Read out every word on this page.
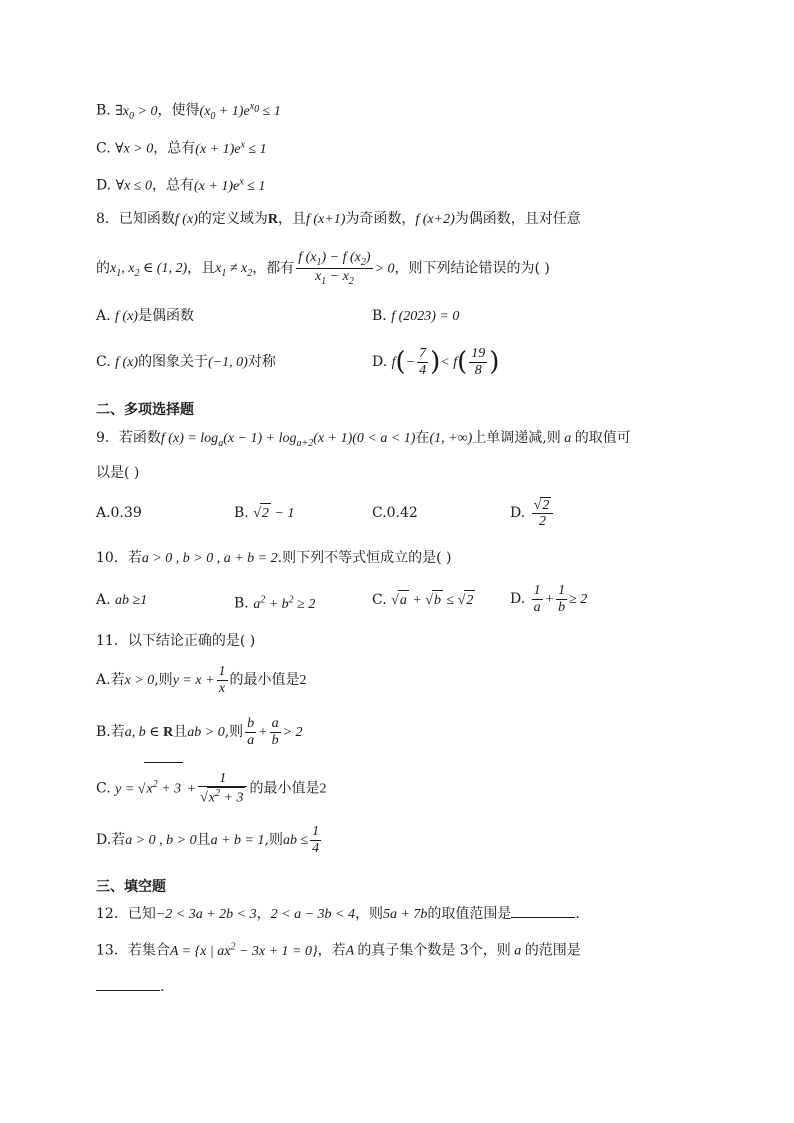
B. $\exists x_0 > 0$，使得$(x_0 + 1)e^{x_0} \le 1$
C. ∀x > 0，总有$(x + 1)e^x \le 1$
D. ∀x ≤ 0，总有$(x + 1)e^x \le 1$
8．已知函数f (x)的定义域为R，且f (x+1)为奇函数，f (x+2)为偶函数，且对任意
的$x_1$, $x_2$ ∈ (1, 2)，且$x_1 \ne x_2$，都有 $\frac{f (x_1) - f (x_2)}{x_1 - x_2} > 0$，则下列结论错误的为( )
A. f (x)是偶函数	B. f (2023) = 0
C. f (x)的图象关于(−1, 0)对称	D. $f(- \frac{7}{4}$ )< $f( \frac{19}{8}$ )
二、多项选择题
9．若函数f $(x) = \log_a(x - 1) + \log_{a+2}(x + 1)(0 < a < 1)$在(1, +∞)上单调递减,则 a 的取值可
以是( )
A.0.39	B. √2 − 1	C.0.42	D. $\frac{√2}{2}$
10．若a > 0 , b > 0 , a + b = 2.则下列不等式恒成立的是( )
A. ab ≥1	B. $a^2 + b^2 \ge 2$	C. √a + √b ≤ √2	D. $\frac{1}{a} + \frac{1}{b} \ge 2$
11．以下结论正确的是( )
A.若x > 0,则$y = x + \frac{1}{x}$ 的最小值是2
B.若a, b ∈ R且ab > 0,则 $\frac{b}{a} + \frac{a}{b} > 2$
C. $y = √x^2 + 3 + \frac{1}{√x^2 + 3}$ 的最小值是2
D.若a > 0 , b > 0且a + b = 1,则ab ≤ $\frac{1}{4}$
三、填空题
12．已知−2 < 3a + 2b < 3，2 < a − 3b < 4，则5a + 7b的取值范围是	.
13．若集合A = {x | $ax^2 - 3x + 1 = 0$}，若A 的真子集个数是 3个，则 a 的范围是
.
